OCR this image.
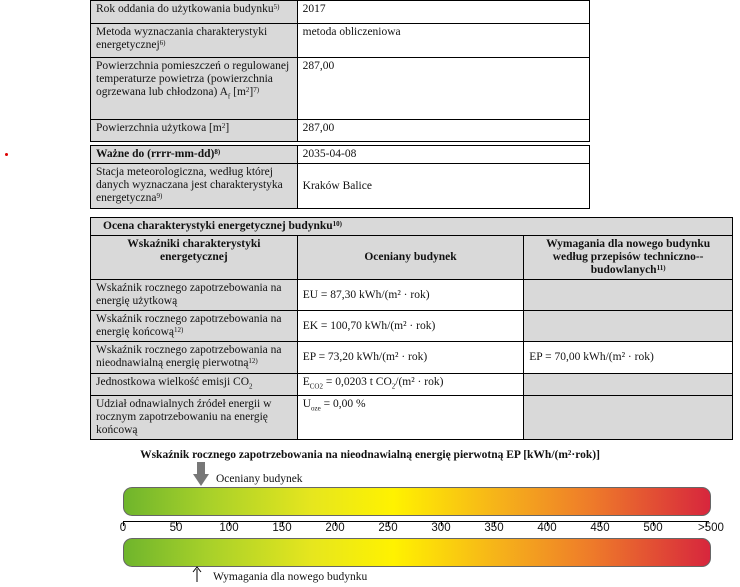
Rok oddania do użytkowania budynku$^{5)}$	2017
Metoda wyznaczania charakterystyki energetycznej$^{6)}$	metoda obliczeniowa
Powierzchnia pomieszczeń o regulowanej temperaturze powietrza (powierzchnia ogrzewana lub chłodzona) $A_f$ $[m^2]^{7)}$	287,00
Powierzchnia użytkowa $[m^2]$	287,00
Ważne do (rrrr-mm-dd)$^{8)}$	2035-04-08
Stacja meteorologiczna, według której danych wyznaczana jest charakterystyka energetyczna$^{9)}$	Kraków Balice
Ocena charakterystyki energetycznej budynku$^{10)}$
Wskaźniki charakterystyki energetycznej	Oceniany budynek	Wymagania dla nowego budynku według przepisów techniczno--budowlanych$^{11)}$
Wskaźnik rocznego zapotrzebowania na energię użytkową	EU = 87,30 kWh/(m² · rok)	
Wskaźnik rocznego zapotrzebowania na energię końcową$^{12)}$	EK = 100,70 kWh/(m² · rok)	
Wskaźnik rocznego zapotrzebowania na nieodnawialną energię pierwotną$^{12)}$	EP = 73,20 kWh/(m² · rok)	EP = 70,00 kWh/(m² · rok)
Jednostkowa wielkość emisji $CO_2$	$E_{CO2} = 0,0203$ t $CO_2/(m^2 \cdot rok)$	
Udział odnawialnych źródeł energii w rocznym zapotrzebowaniu na energię końcową	$U_{oze} = 0,00$ %	
Wskaźnik rocznego zapotrzebowania na nieodnawialną energię pierwotną EP [kWh/(m²·rok)]
Oceniany budynek
0	50	100	150	200	250	300	350	400	450	500	>500
Wymagania dla nowego budynku
